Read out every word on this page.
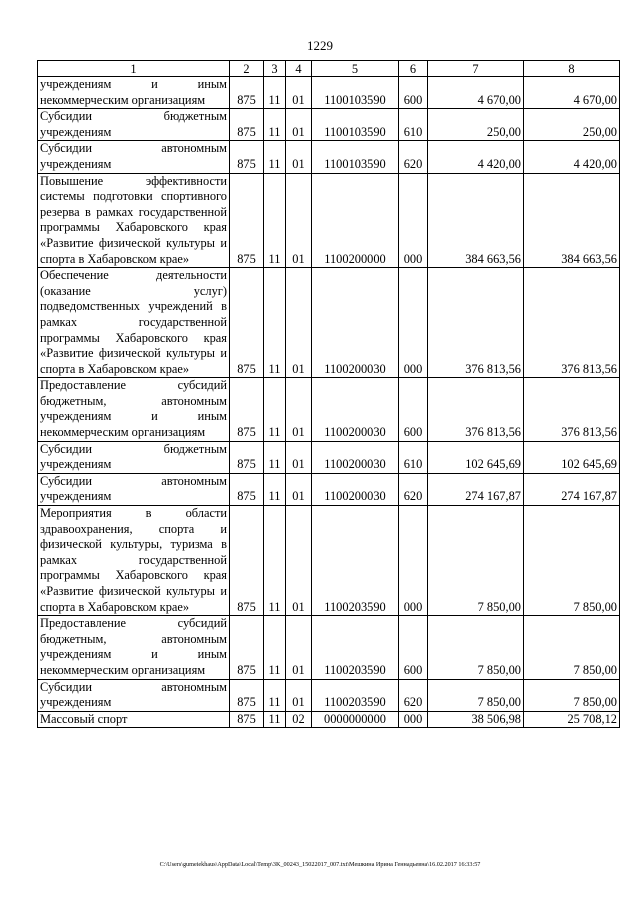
1229
1	2	3	4	5	6	7	8
учреждениям и иным некоммерческим организациям	875	11	01	1100103590	600	4 670,00	4 670,00
Субсидии бюджетным учреждениям	875	11	01	1100103590	610	250,00	250,00
Субсидии автономным учреждениям	875	11	01	1100103590	620	4 420,00	4 420,00
Повышение эффективности системы подготовки спортивного резерва в рамках государственной программы Хабаровского края «Развитие физической культуры и спорта в Хабаровском крае»	875	11	01	1100200000	000	384 663,56	384 663,56
Обеспечение деятельности (оказание услуг) подведомственных учреждений в рамках государственной программы Хабаровского края «Развитие физической культуры и спорта в Хабаровском крае»	875	11	01	1100200030	000	376 813,56	376 813,56
Предоставление субсидий бюджетным, автономным учреждениям и иным некоммерческим организациям	875	11	01	1100200030	600	376 813,56	376 813,56
Субсидии бюджетным учреждениям	875	11	01	1100200030	610	102 645,69	102 645,69
Субсидии автономным учреждениям	875	11	01	1100200030	620	274 167,87	274 167,87
Мероприятия в области здравоохранения, спорта и физической культуры, туризма в рамках государственной программы Хабаровского края «Развитие физической культуры и спорта в Хабаровском крае»	875	11	01	1100203590	000	7 850,00	7 850,00
Предоставление субсидий бюджетным, автономным учреждениям и иным некоммерческим организациям	875	11	01	1100203590	600	7 850,00	7 850,00
Субсидии автономным учреждениям	875	11	01	1100203590	620	7 850,00	7 850,00
Массовый спорт	875	11	02	0000000000	000	38 506,98	25 708,12
C:\Users\gumeiekhaus\AppData\Local\Temp\3K_00243_15022017_007.txt\Мешкина Ирина Геннадьевна\16.02.2017 16:33:57
